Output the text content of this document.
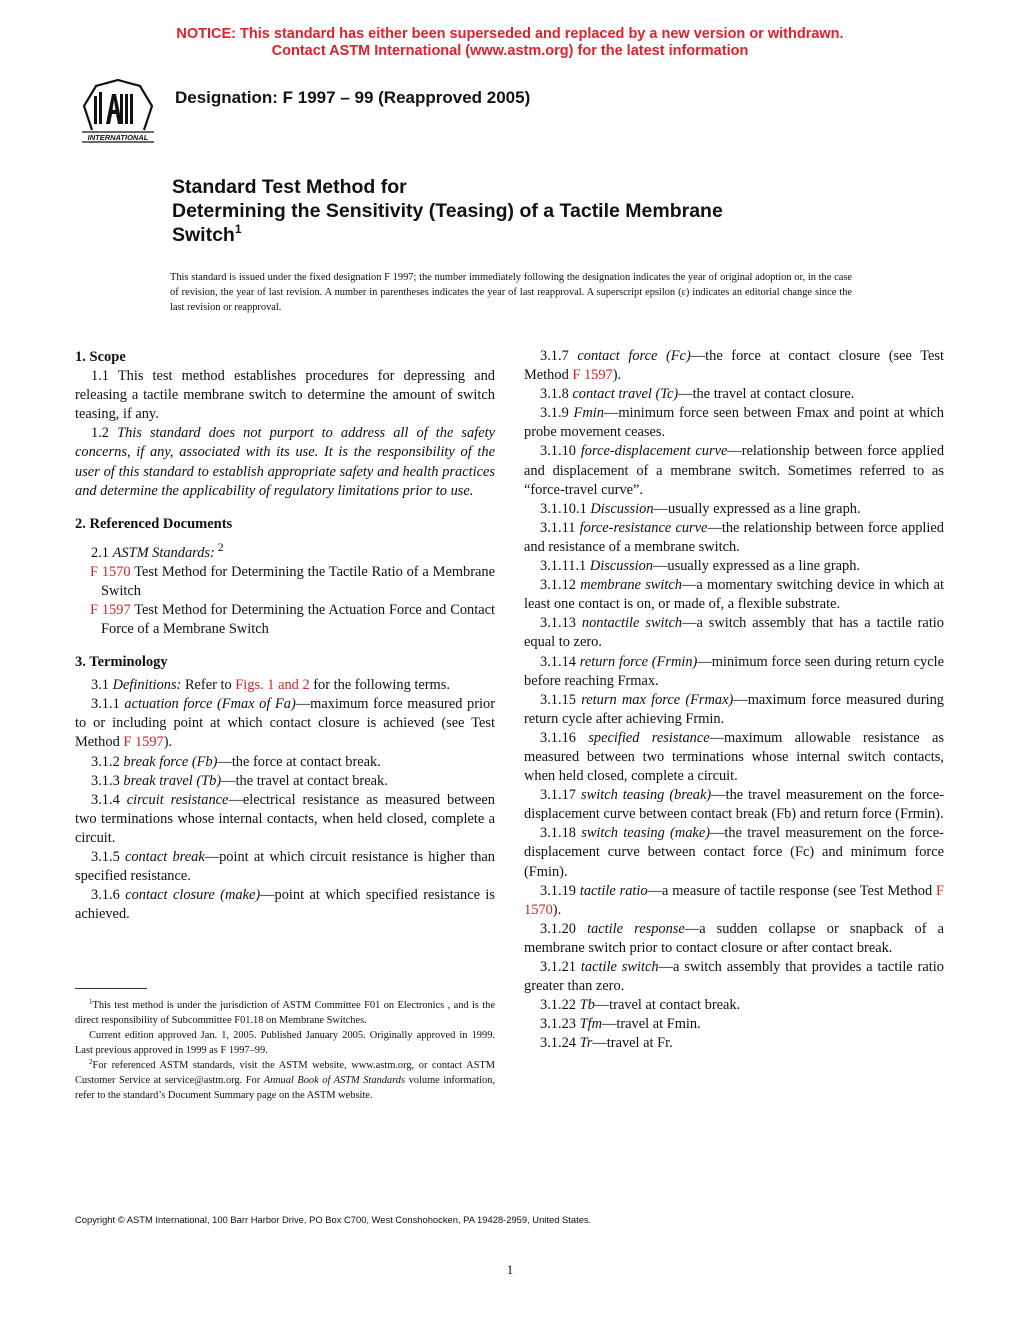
NOTICE: This standard has either been superseded and replaced by a new version or withdrawn.
Contact ASTM International (www.astm.org) for the latest information
INTERNATIONAL
Designation: F 1997 – 99 (Reapproved 2005)
Standard Test Method for
Determining the Sensitivity (Teasing) of a Tactile Membrane
Switch$^1$
This standard is issued under the fixed designation F 1997; the number immediately following the designation indicates the year of original adoption or, in the case of revision, the year of last revision. A number in parentheses indicates the year of last reapproval. A superscript epsilon (ε) indicates an editorial change since the last revision or reapproval.
1. Scope

1.1 This test method establishes procedures for depressing and releasing a tactile membrane switch to determine the amount of switch teasing, if any.

1.2 This standard does not purport to address all of the safety concerns, if any, associated with its use. It is the responsibility of the user of this standard to establish appropriate safety and health practices and determine the applicability of regulatory limitations prior to use.

2. Referenced Documents

2.1 ASTM Standards: $^2$

F 1570 Test Method for Determining the Tactile Ratio of a Membrane Switch

F 1597 Test Method for Determining the Actuation Force and Contact Force of a Membrane Switch

3. Terminology

3.1 Definitions: Refer to Figs. 1 and 2 for the following terms.

3.1.1 actuation force (Fmax of Fa)—maximum force measured prior to or including point at which contact closure is achieved (see Test Method F 1597).

3.1.2 break force (Fb)—the force at contact break.

3.1.3 break travel (Tb)—the travel at contact break.

3.1.4 circuit resistance—electrical resistance as measured between two terminations whose internal contacts, when held closed, complete a circuit.

3.1.5 contact break—point at which circuit resistance is higher than specified resistance.

3.1.6 contact closure (make)—point at which specified resistance is achieved.

3.1.7 contact force (Fc)—the force at contact closure (see Test Method F 1597).

3.1.8 contact travel (Tc)—the travel at contact closure.

3.1.9 Fmin—minimum force seen between Fmax and point at which probe movement ceases.

3.1.10 force-displacement curve—relationship between force applied and displacement of a membrane switch. Sometimes referred to as “force-travel curve”.

3.1.10.1 Discussion—usually expressed as a line graph.

3.1.11 force-resistance curve—the relationship between force applied and resistance of a membrane switch.

3.1.11.1 Discussion—usually expressed as a line graph.

3.1.12 membrane switch—a momentary switching device in which at least one contact is on, or made of, a flexible substrate.

3.1.13 nontactile switch—a switch assembly that has a tactile ratio equal to zero.

3.1.14 return force (Frmin)—minimum force seen during return cycle before reaching Frmax.

3.1.15 return max force (Frmax)—maximum force measured during return cycle after achieving Frmin.

3.1.16 specified resistance—maximum allowable resistance as measured between two terminations whose internal switch contacts, when held closed, complete a circuit.

3.1.17 switch teasing (break)—the travel measurement on the force-displacement curve between contact break (Fb) and return force (Frmin).

3.1.18 switch teasing (make)—the travel measurement on the force-displacement curve between contact force (Fc) and minimum force (Fmin).

3.1.19 tactile ratio—a measure of tactile response (see Test Method F 1570).

3.1.20 tactile response—a sudden collapse or snapback of a membrane switch prior to contact closure or after contact break.

3.1.21 tactile switch—a switch assembly that provides a tactile ratio greater than zero.

3.1.22 Tb—travel at contact break.

3.1.23 Tfm—travel at Fmin.

3.1.24 Tr—travel at Fr.

$^1$This test method is under the jurisdiction of ASTM Committee F01 on Electronics , and is the direct responsibility of Subcommittee F01.18 on Membrane Switches.

Current edition approved Jan. 1, 2005. Published January 2005. Originally approved in 1999. Last previous approved in 1999 as F 1997–99.

$^2$For referenced ASTM standards, visit the ASTM website, www.astm.org, or contact ASTM Customer Service at service@astm.org. For Annual Book of ASTM Standards volume information, refer to the standard’s Document Summary page on the ASTM website.

Copyright © ASTM International, 100 Barr Harbor Drive, PO Box C700, West Conshohocken, PA 19428-2959, United States.
1
